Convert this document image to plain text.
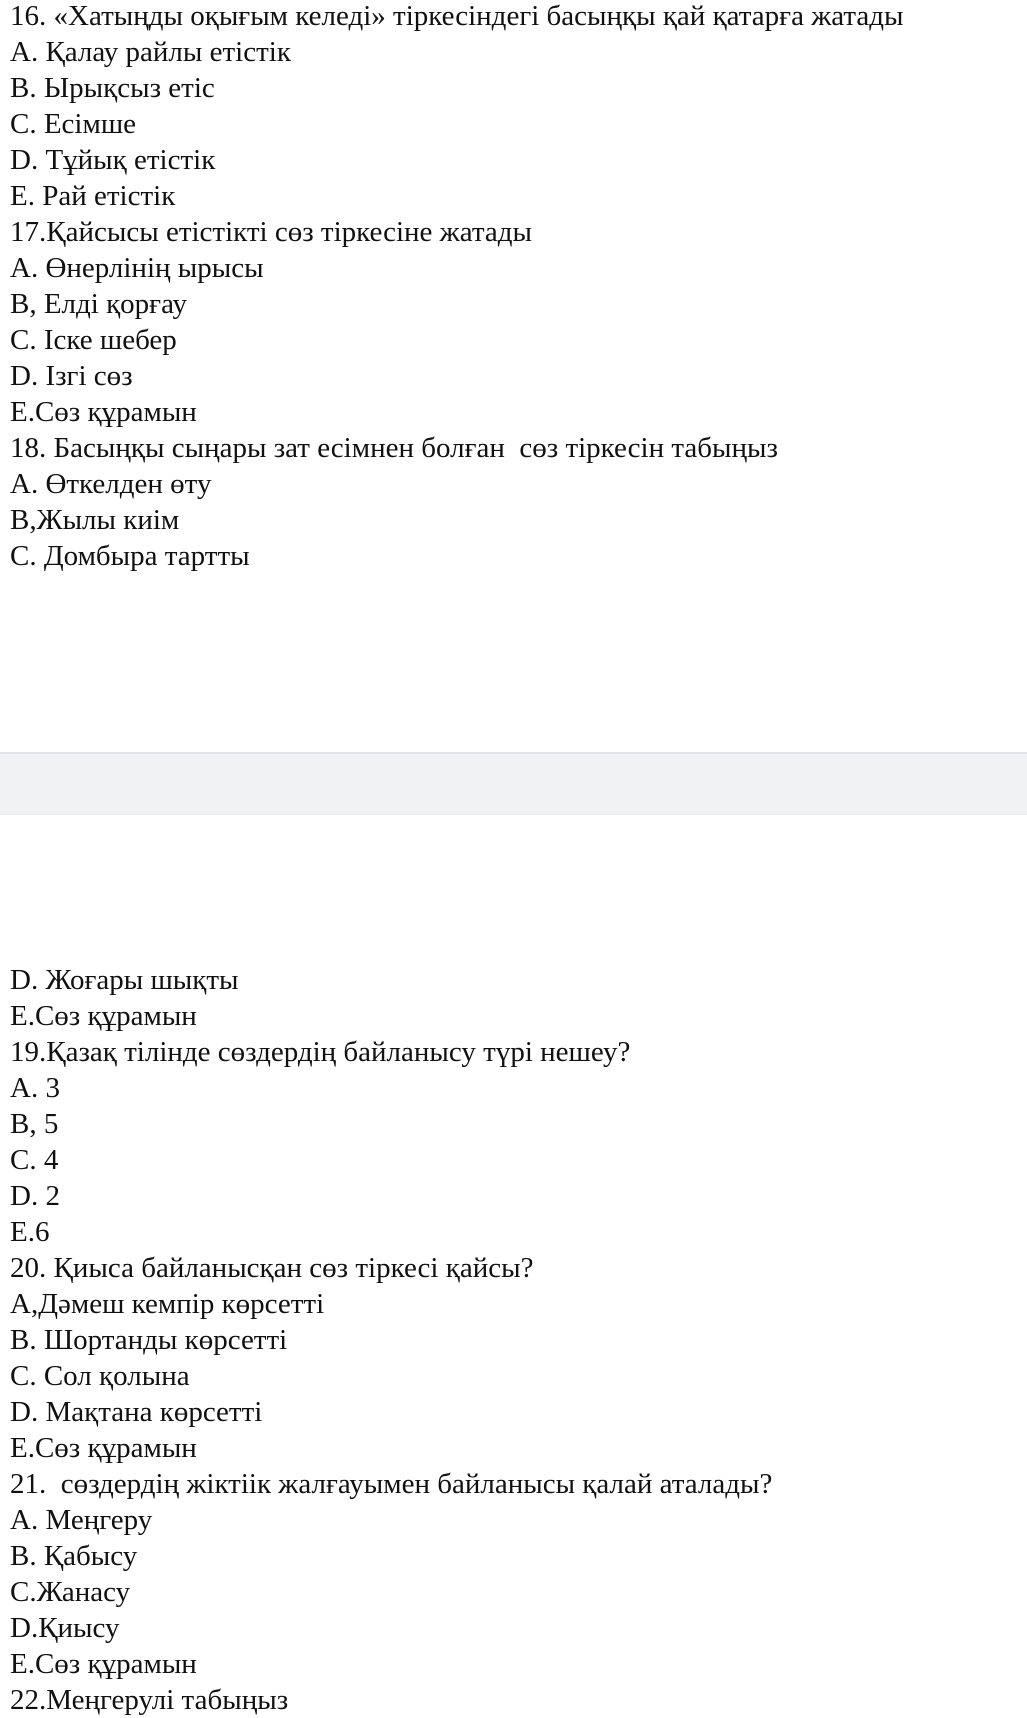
16. «Хатыңды оқығым келеді» тіркесіндегі басыңқы қай қатарға жатады
A. Қалау райлы етістік
B. Ырықсыз етіс
C. Есімше
D. Тұйық етістік
E. Рай етістік
17.Қайсысы етістікті сөз тіркесіне жатады
A. Өнерлінің ырысы
B, Елді қорғау
C. Іске шебер
D. Ізгі сөз
E.Сөз құрамын
18. Басыңқы сыңары зат есімнен болған  сөз тіркесін табыңыз
A. Өткелден өту
B,Жылы киім
C. Домбыра тартты
D. Жоғары шықты
E.Сөз құрамын
19.Қазақ тілінде сөздердің байланысу түрі нешеу?
A. 3
B, 5
C. 4
D. 2
E.6
20. Қиыса байланысқан сөз тіркесі қайсы?
A,Дәмеш кемпір көрсетті
B. Шортанды көрсетті
C. Сол қолына
D. Мақтана көрсетті
E.Сөз құрамын
21.  сөздердің жіктіік жалғауымен байланысы қалай аталады?
A. Меңгеру
B. Қабысу
C.Жанасу
D.Қиысу
E.Сөз құрамын
22.Меңгерулі табыңыз
